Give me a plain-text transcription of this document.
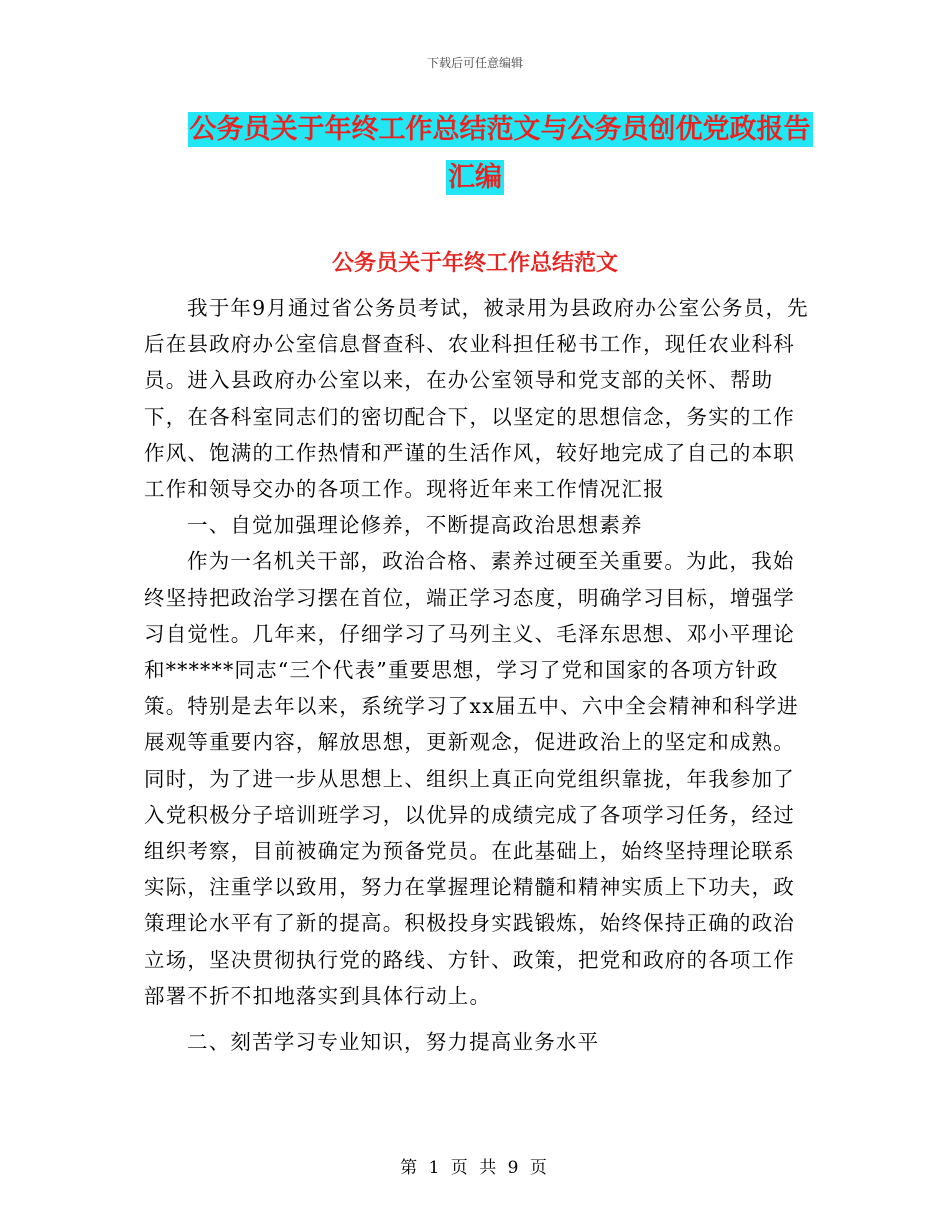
下载后可任意编辑
公务员关于年终工作总结范文与公务员创优党政报告
汇编
公务员关于年终工作总结范文

我于年9月通过省公务员考试，被录用为县政府办公室公务员，先后在县政府办公室信息督查科、农业科担任秘书工作，现任农业科科员。进入县政府办公室以来，在办公室领导和党支部的关怀、帮助下，在各科室同志们的密切配合下，以坚定的思想信念，务实的工作作风、饱满的工作热情和严谨的生活作风，较好地完成了自己的本职工作和领导交办的各项工作。现将近年来工作情况汇报

一、自觉加强理论修养，不断提高政治思想素养

作为一名机关干部，政治合格、素养过硬至关重要。为此，我始终坚持把政治学习摆在首位，端正学习态度，明确学习目标，增强学习自觉性。几年来，仔细学习了马列主义、毛泽东思想、邓小平理论和******同志“三个代表”重要思想，学习了党和国家的各项方针政策。特别是去年以来，系统学习了xx届五中、六中全会精神和科学进展观等重要内容，解放思想，更新观念，促进政治上的坚定和成熟。同时，为了进一步从思想上、组织上真正向党组织靠拢，年我参加了入党积极分子培训班学习，以优异的成绩完成了各项学习任务，经过组织考察，目前被确定为预备党员。在此基础上，始终坚持理论联系实际，注重学以致用，努力在掌握理论精髓和精神实质上下功夫，政策理论水平有了新的提高。积极投身实践锻炼，始终保持正确的政治立场，坚决贯彻执行党的路线、方针、政策，把党和政府的各项工作部署不折不扣地落实到具体行动上。

二、刻苦学习专业知识，努力提高业务水平

第 1 页 共 9 页
